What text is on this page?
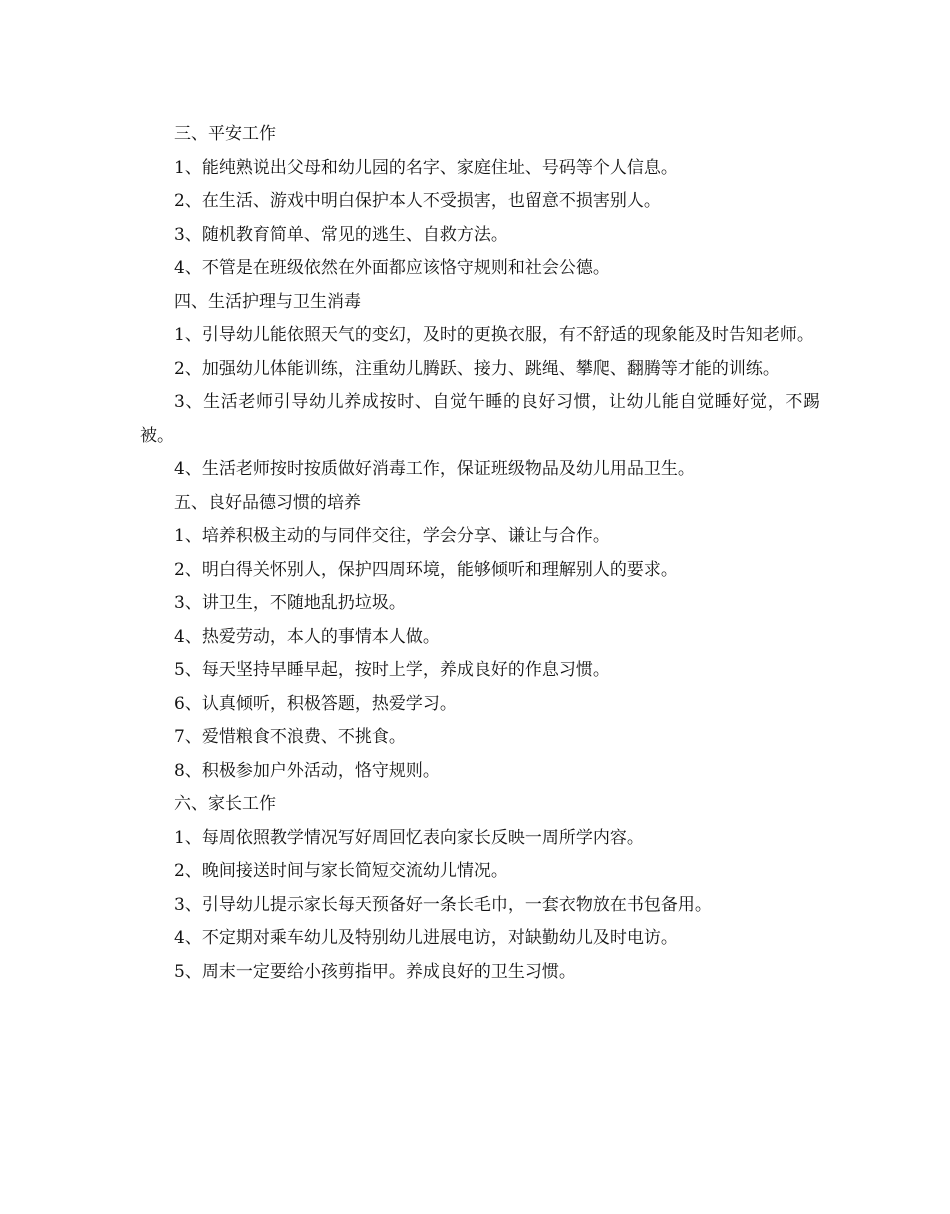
三、平安工作

1、能纯熟说出父母和幼儿园的名字、家庭住址、号码等个人信息。

2、在生活、游戏中明白保护本人不受损害，也留意不损害别人。

3、随机教育简单、常见的逃生、自救方法。

4、不管是在班级依然在外面都应该恪守规则和社会公德。

四、生活护理与卫生消毒

1、引导幼儿能依照天气的变幻，及时的更换衣服，有不舒适的现象能及时告知老师。

2、加强幼儿体能训练，注重幼儿腾跃、接力、跳绳、攀爬、翻腾等才能的训练。

3、生活老师引导幼儿养成按时、自觉午睡的良好习惯，让幼儿能自觉睡好觉，不踢被。

4、生活老师按时按质做好消毒工作，保证班级物品及幼儿用品卫生。

五、良好品德习惯的培养

1、培养积极主动的与同伴交往，学会分享、谦让与合作。

2、明白得关怀别人，保护四周环境，能够倾听和理解别人的要求。

3、讲卫生，不随地乱扔垃圾。

4、热爱劳动，本人的事情本人做。

5、每天坚持早睡早起，按时上学，养成良好的作息习惯。

6、认真倾听，积极答题，热爱学习。

7、爱惜粮食不浪费、不挑食。

8、积极参加户外活动，恪守规则。

六、家长工作

1、每周依照教学情况写好周回忆表向家长反映一周所学内容。

2、晚间接送时间与家长简短交流幼儿情况。

3、引导幼儿提示家长每天预备好一条长毛巾，一套衣物放在书包备用。

4、不定期对乘车幼儿及特别幼儿进展电访，对缺勤幼儿及时电访。

5、周末一定要给小孩剪指甲。养成良好的卫生习惯。
